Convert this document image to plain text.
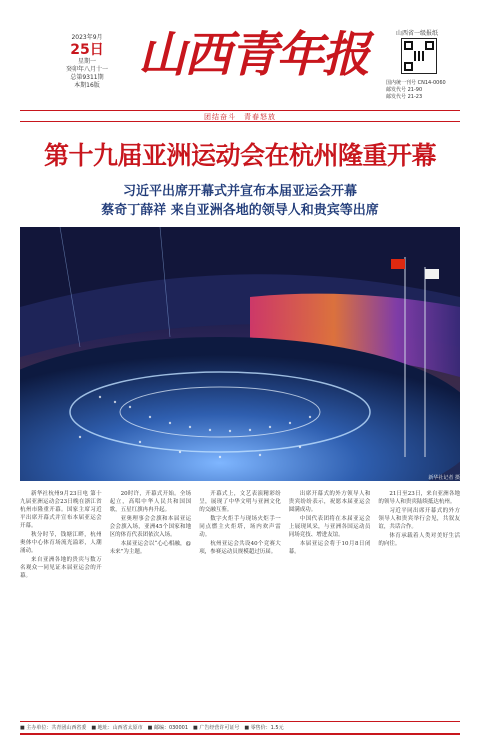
2023年9月
25日
星期一
癸卯年八月十一
总第9311期
本期16版
山西青年报	山西省一级报纸
国内统一刊号 CN14-0060
邮发代号 21-90
邮发代号 21-23
团结奋斗　青春怒放
第十九届亚洲运动会在杭州隆重开幕
习近平出席开幕式并宣布本届亚运会开幕
蔡奇丁薛祥 来自亚洲各地的领导人和贵宾等出席
新华社记者 摄

新华社杭州9月23日电 第十九届亚洲运动会23日晚在浙江省杭州市隆重开幕。国家主席习近平出席开幕式并宣布本届亚运会开幕。

秋分时节，钱塘江畔，杭州奥体中心体育场流光溢彩，人潮涌动。

来自亚洲各地的贵宾与数万名观众一同见证本届亚运会的开幕。

20时许，开幕式开始。全场起立，高唱中华人民共和国国歌，五星红旗冉冉升起。

亚奥理事会会旗和本届亚运会会旗入场，亚洲45个国家和地区的体育代表团依次入场。

本届亚运会以“心心相融，@未来”为主题。

开幕式上，文艺表演精彩纷呈，展现了中华文明与亚洲文化的交融互鉴。

数字火炬手与现场火炬手一同点燃主火炬塔，场内欢声雷动。

杭州亚运会共设40个竞赛大项，参赛运动员规模超过历届。

出席开幕式的外方领导人和贵宾纷纷表示，祝愿本届亚运会圆满成功。

中国代表团将在本届亚运会上展现风采，与亚洲各国运动员同场竞技、增进友谊。

本届亚运会将于10月8日闭幕。

21日至23日，来自亚洲各地的领导人和贵宾陆续抵达杭州。

习近平同出席开幕式的外方领导人和贵宾举行会见，共叙友谊，共话合作。

体育承载着人类对美好生活的向往。

■ 主办单位：共青团山西省委　■ 地址：山西省太原市　■ 邮编：030001　■ 广告经营许可证号　■ 零售价：1.5元
